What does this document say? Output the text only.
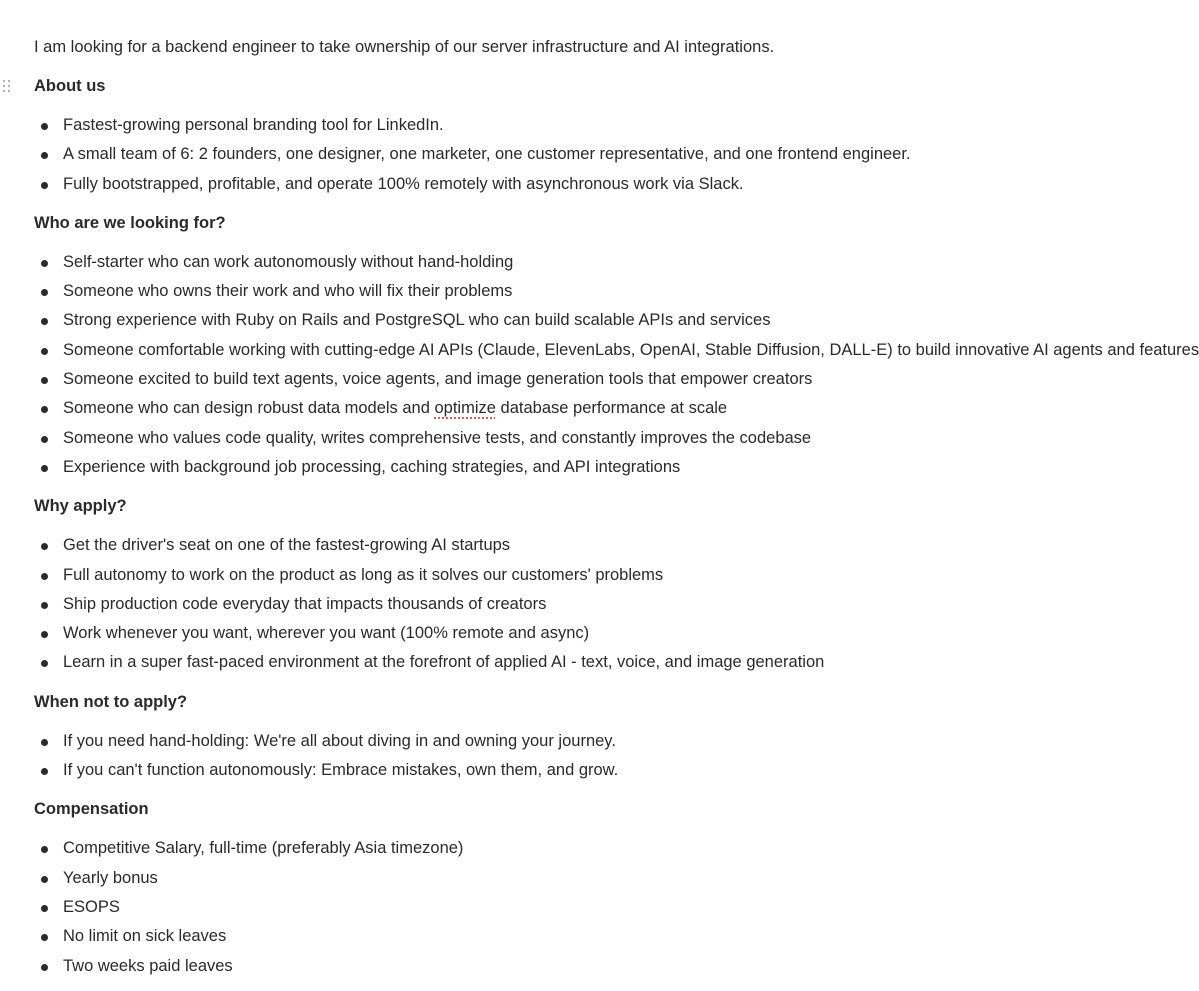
I am looking for a backend engineer to take ownership of our server infrastructure and AI integrations.
About us
Fastest-growing personal branding tool for LinkedIn.
A small team of 6: 2 founders, one designer, one marketer, one customer representative, and one frontend engineer.
Fully bootstrapped, profitable, and operate 100% remotely with asynchronous work via Slack.
Who are we looking for?
Self-starter who can work autonomously without hand-holding
Someone who owns their work and who will fix their problems
Strong experience with Ruby on Rails and PostgreSQL who can build scalable APIs and services
Someone comfortable working with cutting-edge AI APIs (Claude, ElevenLabs, OpenAI, Stable Diffusion, DALL-E) to build innovative AI agents and features
Someone excited to build text agents, voice agents, and image generation tools that empower creators
Someone who can design robust data models and optimize database performance at scale
Someone who values code quality, writes comprehensive tests, and constantly improves the codebase
Experience with background job processing, caching strategies, and API integrations
Why apply?
Get the driver's seat on one of the fastest-growing AI startups
Full autonomy to work on the product as long as it solves our customers' problems
Ship production code everyday that impacts thousands of creators
Work whenever you want, wherever you want (100% remote and async)
Learn in a super fast-paced environment at the forefront of applied AI - text, voice, and image generation
When not to apply?
If you need hand-holding: We're all about diving in and owning your journey.
If you can't function autonomously: Embrace mistakes, own them, and grow.
Compensation
Competitive Salary, full-time (preferably Asia timezone)
Yearly bonus
ESOPS
No limit on sick leaves
Two weeks paid leaves
